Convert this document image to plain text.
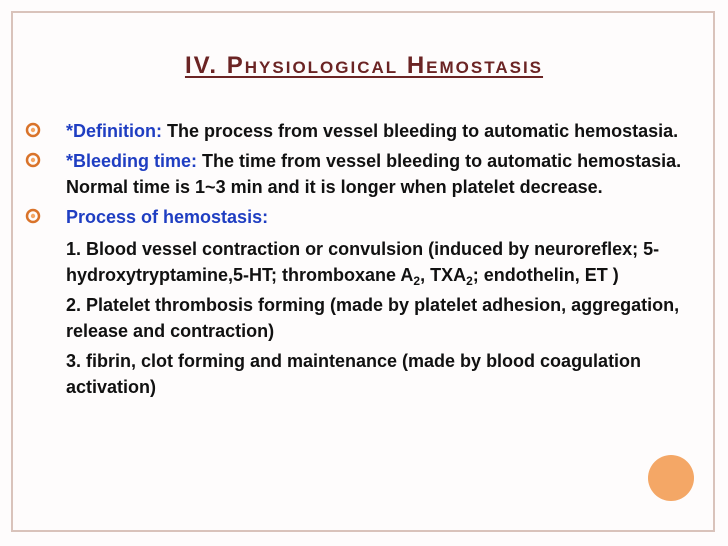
IV. Physiological Hemostasis
*Definition: The process from vessel bleeding to automatic hemostasia.
*Bleeding time: The time from vessel bleeding to automatic hemostasia. Normal time is 1~3 min and it is longer when platelet decrease.
Process of hemostasis:
1. Blood vessel contraction or convulsion (induced by neuroreflex; 5-hydroxytryptamine,5-HT; thromboxane $A_2$, $TXA_2$; endothelin, ET )
2. Platelet thrombosis forming (made by platelet adhesion, aggregation, release and contraction)
3. fibrin, clot forming and maintenance (made by blood coagulation activation)
